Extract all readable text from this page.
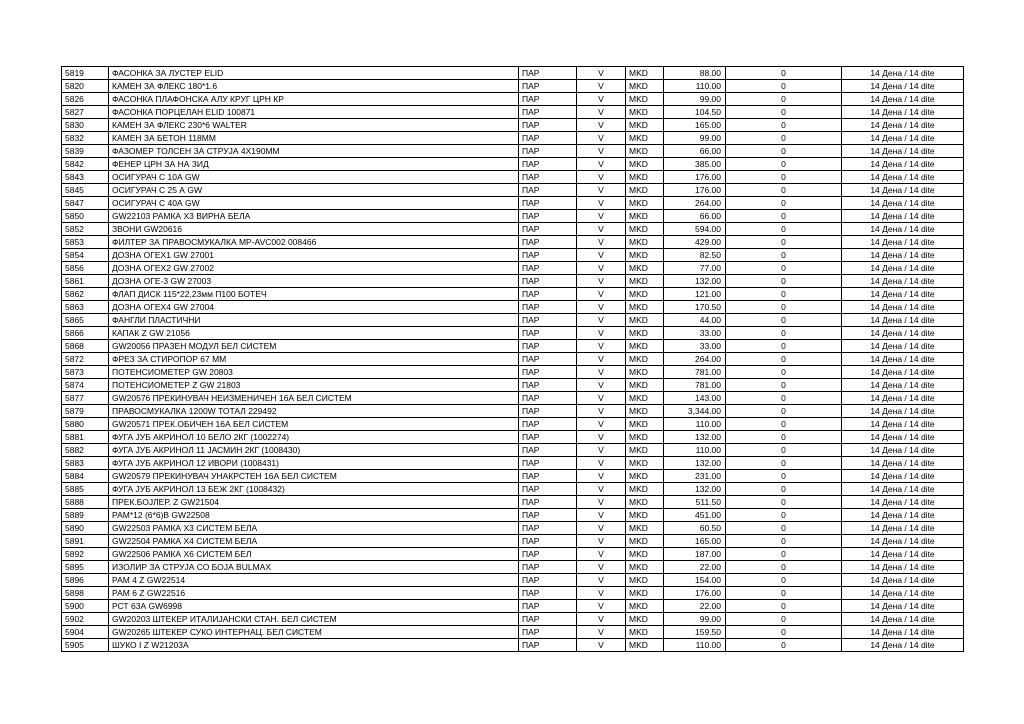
5819	ФАСОНКА ЗА ЛУСТЕР ELID	ПАР	V	MKD	88.00	0	14 Дена / 14 dite
5820	КАМЕН ЗА ФЛЕКС 180*1.6	ПАР	V	MKD	110.00	0	14 Дена / 14 dite
5826	ФАСОНКА ПЛАФОНСКА АЛУ КРУГ ЦРН КР	ПАР	V	MKD	99.00	0	14 Дена / 14 dite
5827	ФАСОНКА ПОРЦЕЛАН ELID 100871	ПАР	V	MKD	104.50	0	14 Дена / 14 dite
5830	КАМЕН ЗА ФЛЕКС 230*6 WALTER	ПАР	V	MKD	165.00	0	14 Дена / 14 dite
5832	КАМЕН ЗА БЕТОН 118ММ	ПАР	V	MKD	99.00	0	14 Дена / 14 dite
5839	ФАЗОМЕР ТОЛСЕН ЗА СТРУЈА 4Х190ММ	ПАР	V	MKD	66.00	0	14 Дена / 14 dite
5842	ФЕНЕР ЦРН ЗА НА ЗИД	ПАР	V	MKD	385.00	0	14 Дена / 14 dite
5843	ОСИГУРАЧ С 10А GW	ПАР	V	MKD	176.00	0	14 Дена / 14 dite
5845	ОСИГУРАЧ С 25 А GW	ПАР	V	MKD	176.00	0	14 Дена / 14 dite
5847	ОСИГУРАЧ С 40А GW	ПАР	V	MKD	264.00	0	14 Дена / 14 dite
5850	GW22103 РАМКА Х3 ВИРНА БЕЛА	ПАР	V	MKD	66.00	0	14 Дена / 14 dite
5852	ЗВОНИ GW20616	ПАР	V	MKD	594.00	0	14 Дена / 14 dite
5853	ФИЛТЕР ЗА ПРАВОСМУКАЛКА MP-AVC002 008466	ПАР	V	MKD	429.00	0	14 Дена / 14 dite
5854	ДОЗНА ОГЕX1 GW 27001	ПАР	V	MKD	82.50	0	14 Дена / 14 dite
5856	ДОЗНА ОГЕX2 GW 27002	ПАР	V	MKD	77.00	0	14 Дена / 14 dite
5861	ДОЗНА ОГЕ-3 GW 27003	ПАР	V	MKD	132.00	0	14 Дена / 14 dite
5862	ФЛАП ДИСК 115*22,23мм П100 БОТЕЧ	ПАР	V	MKD	121.00	0	14 Дена / 14 dite
5863	ДОЗНА ОГЕX4 GW 27004	ПАР	V	MKD	170.50	0	14 Дена / 14 dite
5865	ФАНГЛИ ПЛАСТИЧНИ	ПАР	V	MKD	44.00	0	14 Дена / 14 dite
5866	КАПАК Z GW 21056	ПАР	V	MKD	33.00	0	14 Дена / 14 dite
5868	GW20056 ПРАЗЕН МОДУЛ БЕЛ СИСТЕМ	ПАР	V	MKD	33.00	0	14 Дена / 14 dite
5872	ФРЕЗ ЗА СТИРОПОР 67 ММ	ПАР	V	MKD	264.00	0	14 Дена / 14 dite
5873	ПОТЕНСИОМЕТЕР GW 20803	ПАР	V	MKD	781.00	0	14 Дена / 14 dite
5874	ПОТЕНСИОМЕТЕР Z GW 21803	ПАР	V	MKD	781.00	0	14 Дена / 14 dite
5877	GW20576 ПРЕКИНУВАЧ НЕИЗМЕНИЧЕН 16А БЕЛ СИСТЕМ	ПАР	V	MKD	143.00	0	14 Дена / 14 dite
5879	ПРАВОСМУКАЛКА 1200W ТОТАЛ 229492	ПАР	V	MKD	3,344.00	0	14 Дена / 14 dite
5880	GW20571 ПРЕК.ОБИЧЕН 16А БЕЛ СИСТЕМ	ПАР	V	MKD	110.00	0	14 Дена / 14 dite
5881	ФУГА ЈУБ АКРИНОЛ 10 БЕЛО 2КГ (1002274)	ПАР	V	MKD	132.00	0	14 Дена / 14 dite
5882	ФУГА ЈУБ АКРИНОЛ 11 ЈАСМИН 2КГ (1008430)	ПАР	V	MKD	110.00	0	14 Дена / 14 dite
5883	ФУГА ЈУБ АКРИНОЛ 12 ИВОРИ (1008431)	ПАР	V	MKD	132.00	0	14 Дена / 14 dite
5884	GW20579 ПРЕКИНУВАЧ УНАКРСТЕН 16А БЕЛ СИСТЕМ	ПАР	V	MKD	231.00	0	14 Дена / 14 dite
5885	ФУГА ЈУБ АКРИНОЛ 13 БЕЖ 2КГ (1008432)	ПАР	V	MKD	132.00	0	14 Дена / 14 dite
5888	ПРЕК.БОЈЛЕР. Z GW21504	ПАР	V	MKD	511.50	0	14 Дена / 14 dite
5889	РАМ*12 (6*6)B GW22508	ПАР	V	MKD	451.00	0	14 Дена / 14 dite
5890	GW22503 РАМКА Х3 СИСТЕМ БЕЛА	ПАР	V	MKD	60.50	0	14 Дена / 14 dite
5891	GW22504 РАМКА Х4 СИСТЕМ БЕЛА	ПАР	V	MKD	165.00	0	14 Дена / 14 dite
5892	GW22506 РАМКА Х6 СИСТЕМ БЕЛ	ПАР	V	MKD	187.00	0	14 Дена / 14 dite
5895	ИЗОЛИР ЗА СТРУЈА СО БОЈА BULMAX	ПАР	V	MKD	22.00	0	14 Дена / 14 dite
5896	РАМ 4 Z GW22514	ПАР	V	MKD	154.00	0	14 Дена / 14 dite
5898	РАМ 6 Z GW22516	ПАР	V	MKD	176.00	0	14 Дена / 14 dite
5900	РСТ 63А GW6998	ПАР	V	MKD	22.00	0	14 Дена / 14 dite
5902	GW20203 ШТЕКЕР ИТАЛИЈАНСКИ СТАН. БЕЛ СИСТЕМ	ПАР	V	MKD	99.00	0	14 Дена / 14 dite
5904	GW20265 ШТЕКЕР СУКО ИНТЕРНАЦ. БЕЛ СИСТЕМ	ПАР	V	MKD	159.50	0	14 Дена / 14 dite
5905	ШУКО I Z W21203A	ПАР	V	MKD	110.00	0	14 Дена / 14 dite
